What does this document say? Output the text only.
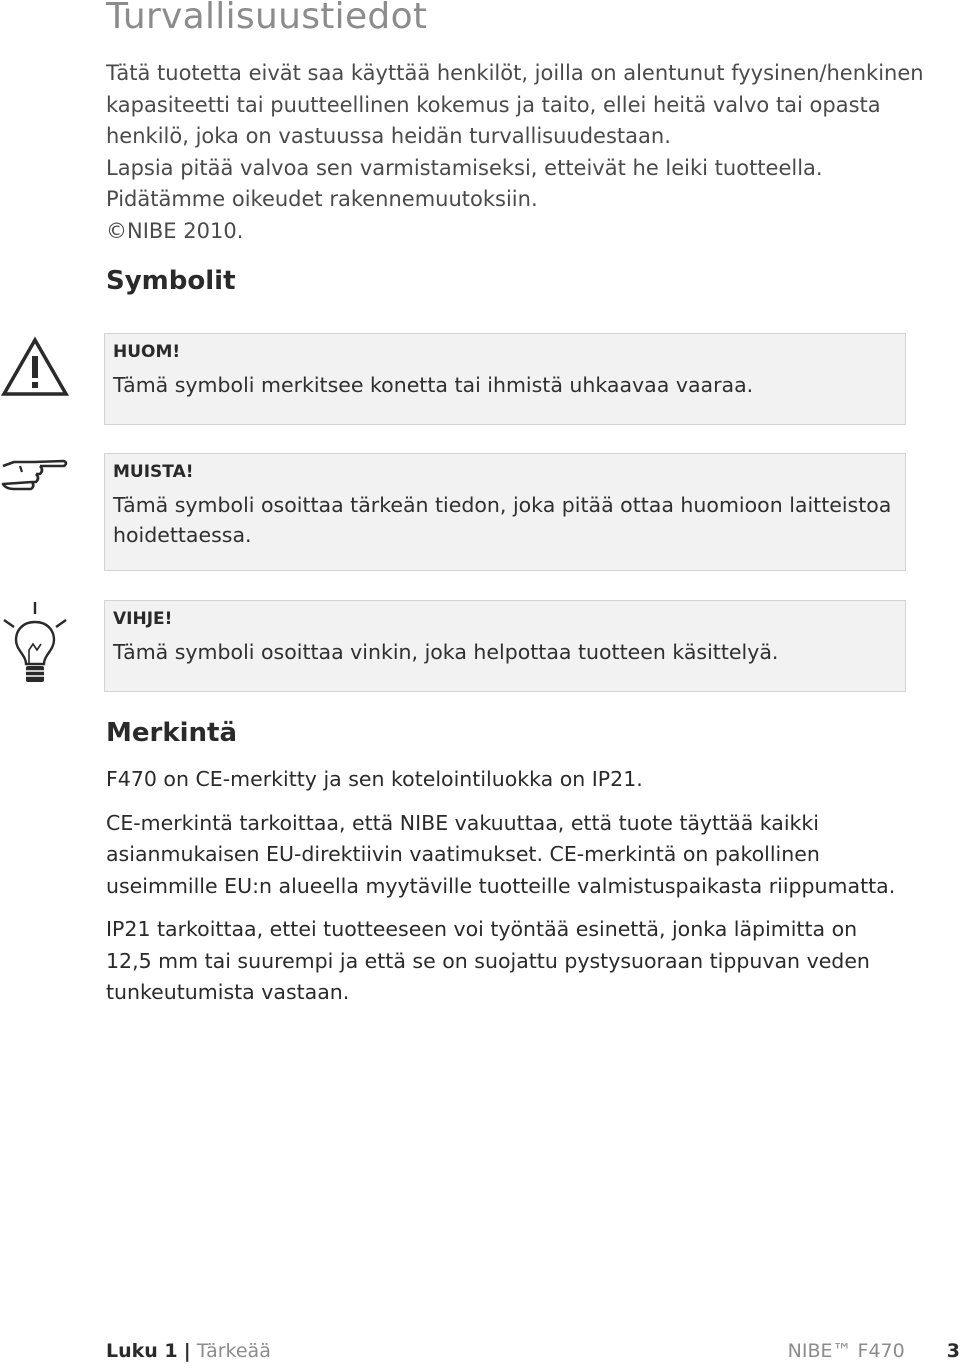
Turvallisuustiedot

Tätä tuotetta eivät saa käyttää henkilöt, joilla on alentunut fyysinen/henkinen kapasiteetti tai puutteellinen kokemus ja taito, ellei heitä valvo tai opasta henkilö, joka on vastuussa heidän turvallisuudestaan.

Lapsia pitää valvoa sen varmistamiseksi, etteivät he leiki tuotteella.

Pidätämme oikeudet rakennemuutoksiin.

©NIBE 2010.

Symbolit
HUOM!
Tämä symboli merkitsee konetta tai ihmistä uhkaavaa vaaraa.
MUISTA!
Tämä symboli osoittaa tärkeän tiedon, joka pitää ottaa huomioon laitteistoa hoidettaessa.
VIHJE!
Tämä symboli osoittaa vinkin, joka helpottaa tuotteen käsittelyä.
Merkintä

F470 on CE-merkitty ja sen kotelointiluokka on IP21.

CE-merkintä tarkoittaa, että NIBE vakuuttaa, että tuote täyttää kaikki asianmukaisen EU-direktiivin vaatimukset. CE-merkintä on pakollinen useimmille EU:n alueella myytäville tuotteille valmistuspaikasta riippumatta.

IP21 tarkoittaa, ettei tuotteeseen voi työntää esinettä, jonka läpimitta on 12,5 mm tai suurempi ja että se on suojattu pystysuoraan tippuvan veden tunkeutumista vastaan.

Luku 1 | Tärkeää	NIBE™ F470 3
